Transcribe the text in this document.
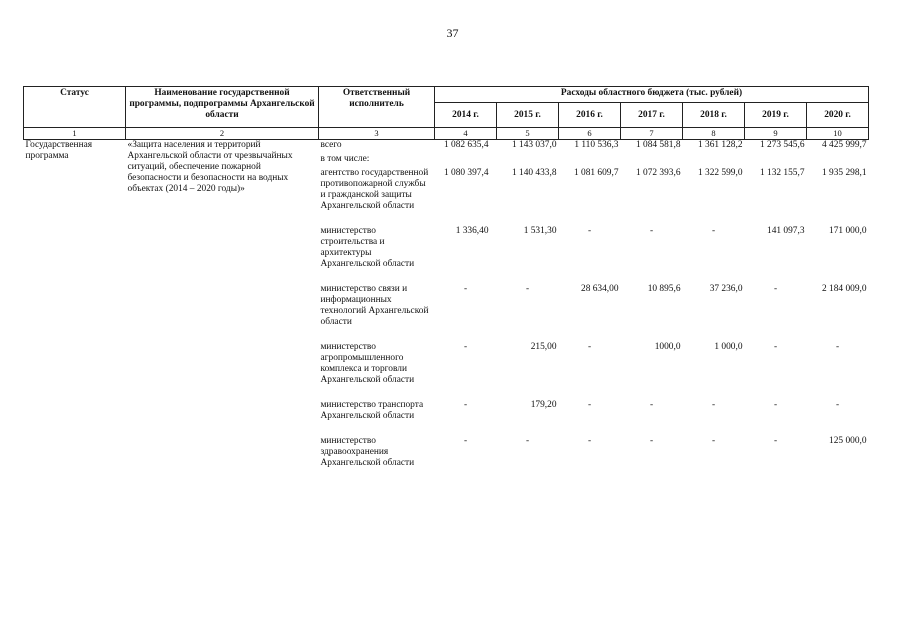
37
Статус	Наименование государственной программы, подпрограммы Архангельской области	Ответственный исполнитель	Расходы областного бюджета (тыс. рублей)						
			2014 г.	2015 г.	2016 г.	2017 г.	2018 г.	2019 г.	2020 г.
1	2	3	4	5	6	7	8	9	10
Государственная программа	«Защита населения и территорий Архангельской области от чрезвычайных ситуаций, обеспечение пожарной безопасности и безопасности на водных объектах (2014 – 2020 годы)»	всего	1 082 635,4	1 143 037,0	1 110 536,3	1 084 581,8	1 361 128,2	1 273 545,6	4 425 999,7
		в том числе:							
		агентство государственной противопожарной службы и гражданской защиты Архангельской области	1 080 397,4	1 140 433,8	1 081 609,7	1 072 393,6	1 322 599,0	1 132 155,7	1 935 298,1
		министерство строительства и архитектуры Архангельской области	1 336,40	1 531,30	-	-	-	141 097,3	171 000,0
		министерство связи и информационных технологий Архангельской области	-	-	28 634,00	10 895,6	37 236,0	-	2 184 009,0
		министерство агропромышленного комплекса и торговли Архангельской области	-	215,00	-	1000,0	1 000,0	-	-
		министерство транспорта Архангельской области	-	179,20	-	-	-	-	-
		министерство здравоохранения Архангельской области	-	-	-	-	-	-	125 000,0
